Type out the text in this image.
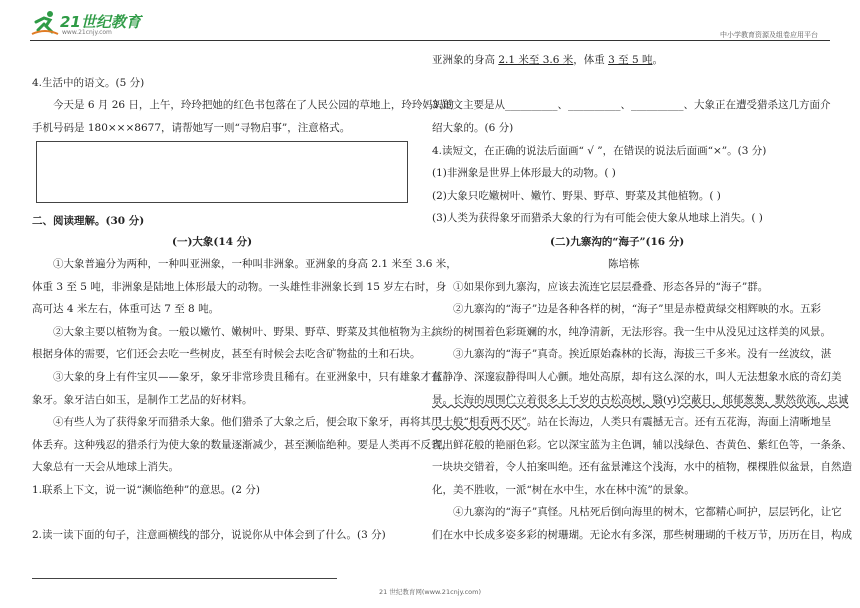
21世纪教育
www.21cnjy.com	中小学教育资源及组卷应用平台
4.生活中的语文。(5 分)
今天是 6 月 26 日，上午，玲玲把她的红色书包落在了人民公园的草地上，玲玲妈妈的
手机号码是 180×××8677，请帮她写一则“寻物启事”，注意格式。
二、阅读理解。(30 分)
(一)大象(14 分)
①大象普遍分为两种，一种叫亚洲象，一种叫非洲象。亚洲象的身高 2.1 米至 3.6 米，
体重 3 至 5 吨，非洲象是陆地上体形最大的动物。一头雄性非洲象长到 15 岁左右时，身
高可达 4 米左右，体重可达 7 至 8 吨。
②大象主要以植物为食。一般以嫩竹、嫩树叶、野果、野草、野菜及其他植物为主。
根据身体的需要，它们还会去吃一些树皮，甚至有时候会去吃含矿物盐的土和石块。
③大象的身上有件宝贝——象牙，象牙非常珍贵且稀有。在亚洲象中，只有雄象才有
象牙。象牙洁白如玉，是制作工艺品的好材料。
④有些人为了获得象牙而猎杀大象。他们猎杀了大象之后，便会取下象牙，再将其尸
体丢弃。这种残忍的猎杀行为使大象的数量逐渐减少，甚至濒临绝种。要是人类再不反省，
大象总有一天会从地球上消失。
1.联系上下文，说一说“濒临绝种”的意思。(2 分)
2.读一读下面的句子，注意画横线的部分，说说你从中体会到了什么。(3 分)
亚洲象的身高 2.1 米至 3.6 米，体重 3 至 5 吨。
3.短文主要是从__________、__________、__________、大象正在遭受猎杀这几方面介
绍大象的。(6 分)
4.读短文，在正确的说法后面画“ √ ”，在错误的说法后面画“×”。(3 分)
(1)非洲象是世界上体形最大的动物。( )
(2)大象只吃嫩树叶、嫩竹、野果、野草、野菜及其他植物。( )
(3)人类为获得象牙而猎杀大象的行为有可能会使大象从地球上消失。( )
(二)九寨沟的“海子”(16 分)
陈培栋
①如果你到九寨沟，应该去流连它层层叠叠、形态各异的“海子”群。
②九寨沟的“海子”边是各种各样的树，“海子”里是赤橙黄绿交相辉映的水。五彩
缤纷的树围着色彩斑斓的水，纯净清新，无法形容。我一生中从没见过这样美的风景。
③九寨沟的“海子”真奇。挨近原始森林的长海，海拔三千多米。没有一丝波纹，湛
蓝静净、深邃寂静得叫人心颤。地处高原，却有这么深的水，叫人无法想象水底的奇幻美
景。长海的周围伫立着很多上千岁的古松高树，翳(yì)空蔽日，郁郁葱葱，默然欲流，忠诚
卫士般“相看两不厌”。站在长海边，人类只有震撼无言。还有五花海，海面上清晰地呈
现出鲜花般的艳丽色彩。它以深宝蓝为主色调，辅以浅绿色、杏黄色、紫红色等，一条条、
一块块交错着，令人拍案叫绝。还有盆景滩这个浅海，水中的植物，棵棵胜似盆景，自然造
化，美不胜收，一派“树在水中生，水在林中流”的景象。
④九寨沟的“海子”真怪。凡枯死后倒向海里的树木，它都精心呵护，层层钙化，让它
们在水中长成多姿多彩的树珊瑚。无论水有多深，那些树珊瑚的千枝万节，历历在目，构成
21 世纪教育网(www.21cnjy.com)
